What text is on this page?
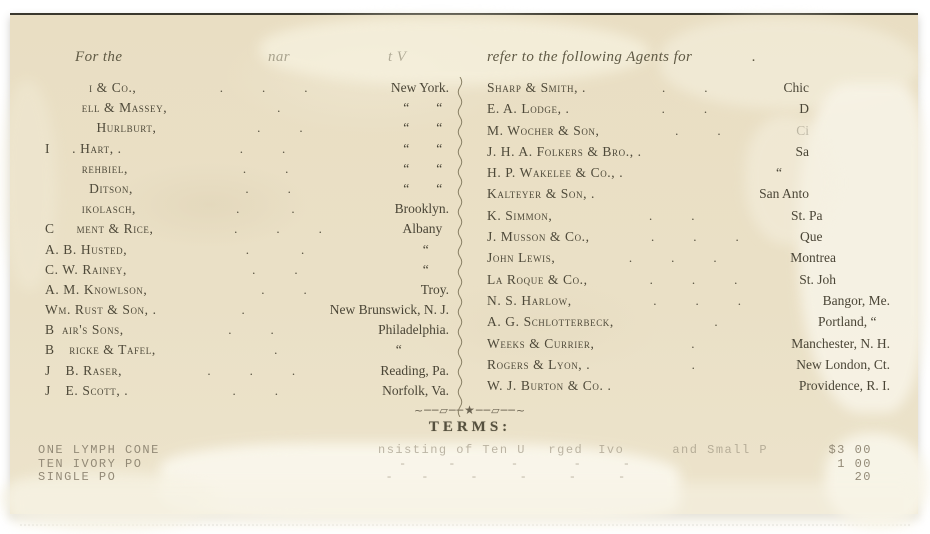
For the	nar	t V	refer to the following Agents for	.
      i & Co.,	.   .   .	New York.
     ell & Massey,	. 	“  “ 
       Hurlburt,	.   .	“  “ 
I   . Hart, .	.   .	“  “ 
     rehbiel,	.   .	“  “ 
      Ditson,	.   .	“  “ 
     ikolasch,	.    .	Brooklyn.
C   ment & Rice,	.   .   .	Albany 
A. B. Husted,	.    .	“  
C. W. Rainey,	.   .	“  
A. M. Knowlson,	.   .	Troy.
Wm. Rust & Son, .	.	New Brunswick, N. J.
B air's Sons,	.   .	Philadelphia.
B  ricke & Tafel,	.	“    
J  B. Raser,	.   .   .	Reading, Pa.
J  E. Scott, .	.   .	Norfolk, Va.
Sharp & Smith, .	.   .	Chic      
E. A. Lodge, .	.   .	D      
M. Wocher & Son,	.   .	Ci      
J. H. A. Folkers & Bro., .	Sa      
H. P. Wakelee & Co., .	“        
Kalteyer & Son, .	San Anto      
K. Simmon,	.   .	St. Pa     
J. Musson & Co.,	.   .   .	Que     
John Lewis,	.   .   .	Montrea    
La Roque & Co.,	.   .   .	St. Joh    
N. S. Harlow,	.   .   .	Bangor, Me.
A. G. Schlotterbeck,	.	Portland, “ 
Weeks & Currier,	.	Manchester, N. H.
Rogers & Lyon, .	.	New London, Ct.
W. J. Burton & Co. .	Providence, R. I.
~──▱──★──▱──~
TERMS:
ONE LYMPH CONE	nsisting of Ten U   rged  Ivo    and Small P	$3 00
TEN IVORY PO	  -   -    -    -   -	1 00
SINGLE PO	 -  -   -   -   -   -	20
